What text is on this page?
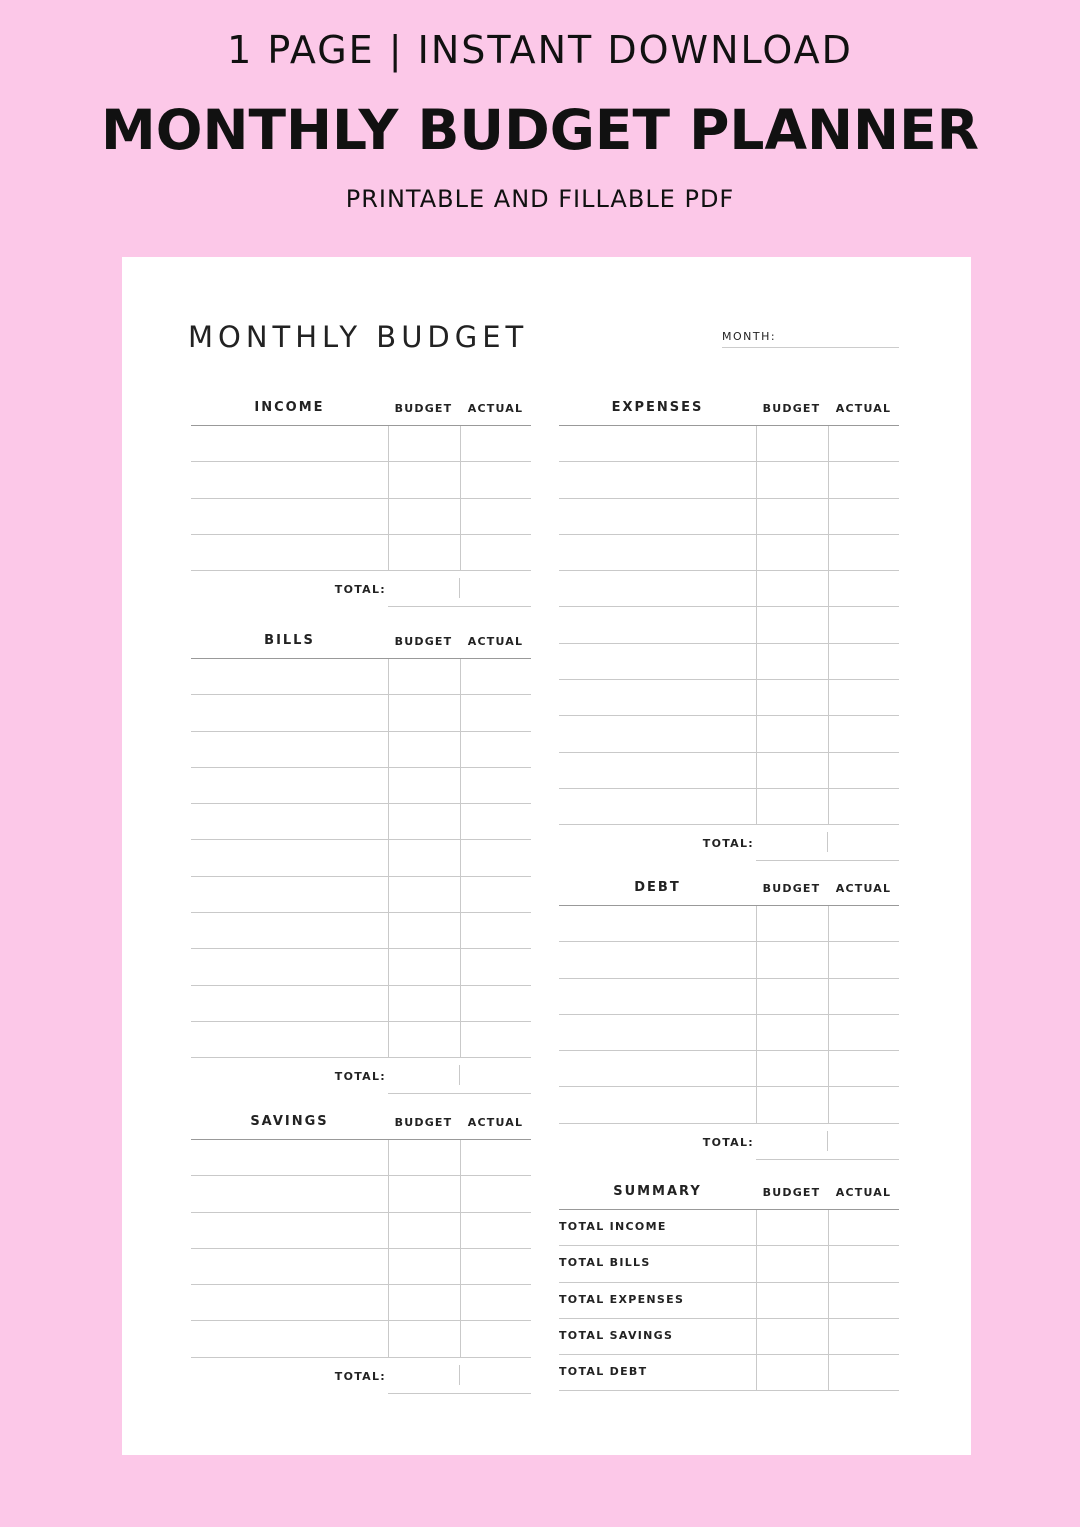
1 PAGE | INSTANT DOWNLOAD
MONTHLY BUDGET PLANNER
PRINTABLE AND FILLABLE PDF
MONTHLY BUDGET	MONTH:
INCOME	BUDGET	ACTUAL
TOTAL:
BILLS	BUDGET	ACTUAL
TOTAL:
SAVINGS	BUDGET	ACTUAL
TOTAL:
EXPENSES	BUDGET	ACTUAL
TOTAL:
DEBT	BUDGET	ACTUAL
TOTAL:
SUMMARY	BUDGET	ACTUAL
TOTAL INCOME
TOTAL BILLS
TOTAL EXPENSES
TOTAL SAVINGS
TOTAL DEBT
